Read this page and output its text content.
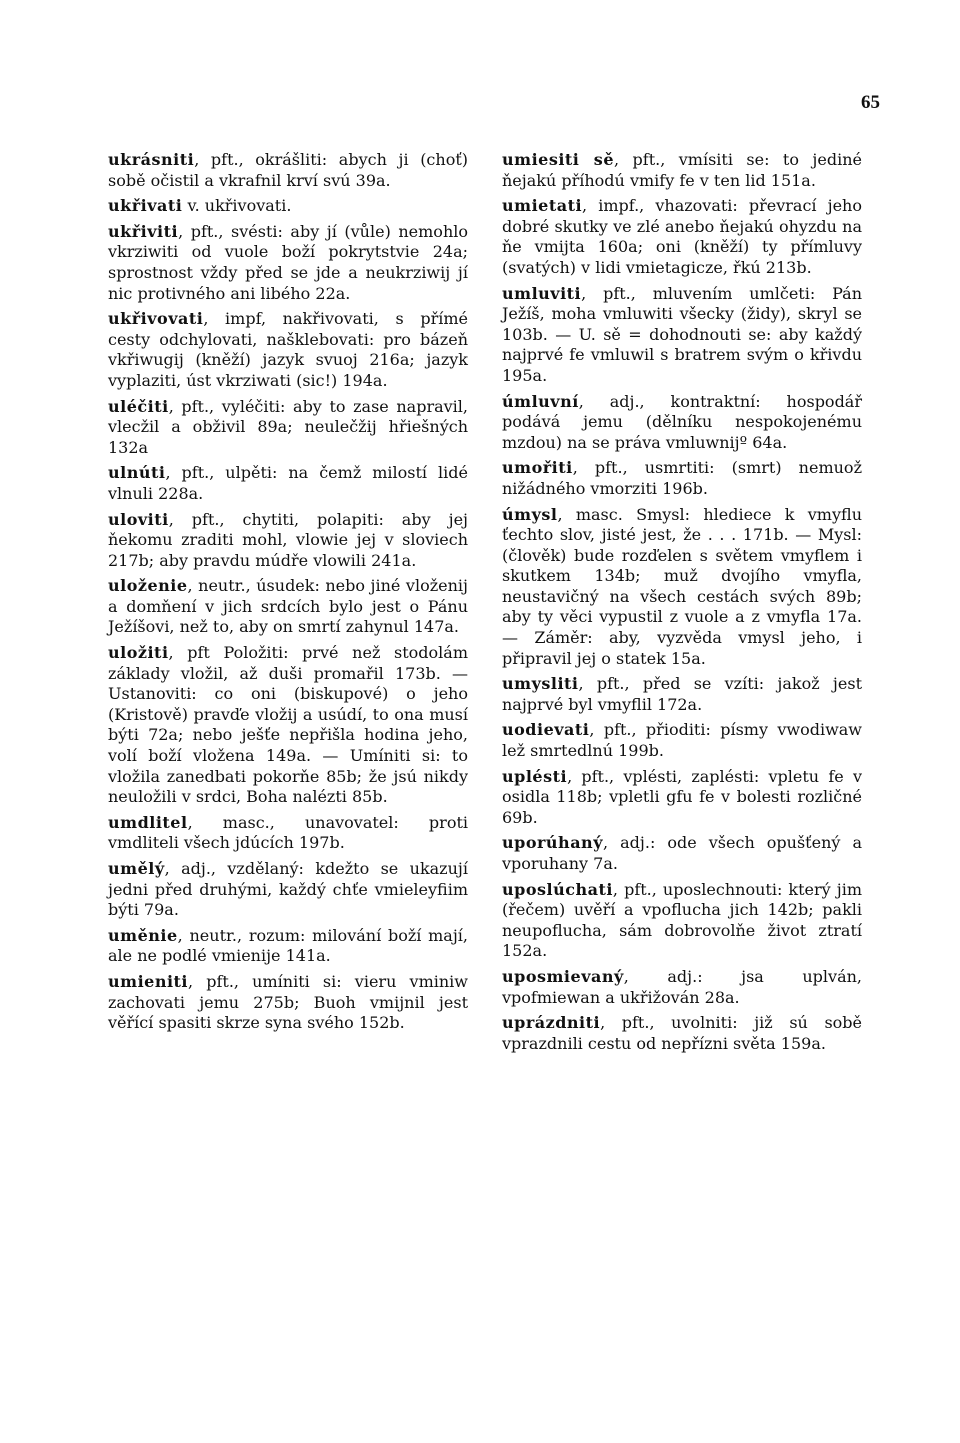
65

ukrásniti, pft., okrášliti: abych ji (choť) sobě očistil a vkrafnil krví svú 39a.

ukřivati v. ukřivovati.

ukřiviti, pft., svésti: aby jí (vůle) nemohlo vkrziwiti od vuole boží pokrytstvie 24a; sprostnost vždy před se jde a neukrziwij jí nic protivného ani libého 22a.

ukřivovati, impf, nakřivovati, s přímé cesty odchylovati, našklebovati: pro bázeň vkřiwugij (kněží) jazyk svuoj 216a; jazyk vyplaziti, úst vkrziwati (sic!) 194a.

uléčiti, pft., vyléčiti: aby to zase napravil, vlecžil a obživil 89a; neulečžij hřiešných 132a

ulnúti, pft., ulpěti: na čemž milostí lidé vlnuli 228a.

uloviti, pft., chytiti, polapiti: aby jej ňekomu zraditi mohl, vlowie jej v sloviech 217b; aby pravdu múdře vlowili 241a.

uloženie, neutr., úsudek: nebo jiné vloženij a domňení v jich srdcích bylo jest o Pánu Ježíšovi, než to, aby on smrtí zahynul 147a.

uložiti, pft Položiti: prvé než stodolám základy vložil, až duši promařil 173b. — Ustanoviti: co oni (biskupové) o jeho (Kristově) pravďe vložij a usúdí, to ona musí býti 72a; nebo ješťe nepřišla hodina jeho, volí boží vložena 149a. — Umíniti si: to vložila zanedbati pokorňe 85b; že jsú nikdy neuložili v srdci, Boha nalézti 85b.

umdlitel, masc., unavovatel: proti vmdliteli všech jdúcích 197b.

umělý, adj., vzdělaný: kdežto se ukazují jedni před druhými, každý chťe vmieleyfiim býti 79a.

uměnie, neutr., rozum: milování boží mají, ale ne podlé vmienije 141a.

umieniti, pft., umíniti si: vieru vminiw zachovati jemu 275b; Buoh vmijnil jest věřící spasiti skrze syna svého 152b.

umiesiti sě, pft., vmísiti se: to jediné ňejakú příhodú vmify fe v ten lid 151a.

umietati, impf., vhazovati: převrací jeho dobré skutky ve zlé anebo ňejakú ohyzdu na ňe vmijta 160a; oni (kněží) ty přímluvy (svatých) v lidi vmietagicze, řkú 213b.

umluviti, pft., mluvením umlčeti: Pán Ježíš, moha vmluwiti všecky (židy), skryl se 103b. — U. sě = dohodnouti se: aby každý najprvé fe vmluwil s bratrem svým o křivdu 195a.

úmluvní, adj., kontraktní: hospodář podává jemu (dělníku nespokojenému mzdou) na se práva vmluwnijº 64a.

umořiti, pft., usmrtiti: (smrt) nemuož nižádného vmorziti 196b.

úmysl, masc. Smysl: hlediece k vmyflu ťechto slov, jisté jest, že . . . 171b. — Mysl: (člověk) bude rozďelen s světem vmyflem i skutkem 134b; muž dvojího vmyfla, neustavičný na všech cestách svých 89b; aby ty věci vypustil z vuole a z vmyfla 17a. — Záměr: aby, vyzvěda vmysl jeho, i připravil jej o statek 15a.

umysliti, pft., před se vzíti: jakož jest najprvé byl vmyflil 172a.

uodievati, pft., přioditi: písmy vwodiwaw lež smrtedlnú 199b.

uplésti, pft., vplésti, zaplésti: vpletu fe v osidla 118b; vpletli gfu fe v bolesti rozličné 69b.

uporúhaný, adj.: ode všech opušťený a vporuhany 7a.

uposlúchati, pft., uposlechnouti: který jim (řečem) uvěří a vpoflucha jich 142b; pakli neupoflucha, sám dobrovolňe život ztratí 152a.

uposmievaný, adj.: jsa uplván, vpofmiewan a ukřižován 28a.

uprázdniti, pft., uvolniti: již sú sobě vprazdnili cestu od nepřízni světa 159a.
